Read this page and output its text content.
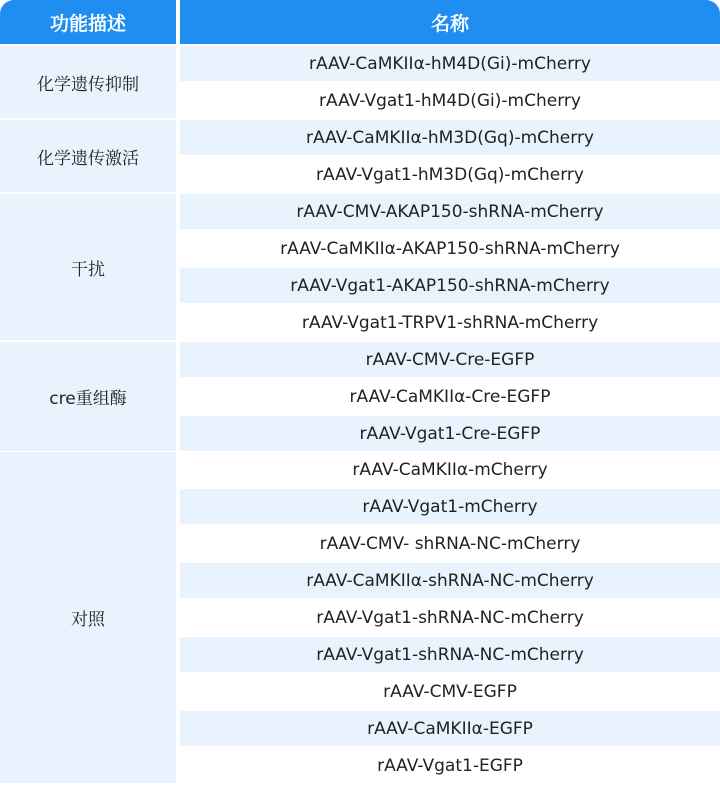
功能描述	名称
化学遗传抑制
rAAV-CaMKIIα-hM4D(Gi)-mCherry
rAAV-Vgat1-hM4D(Gi)-mCherry
化学遗传激活
rAAV-CaMKIIα-hM3D(Gq)-mCherry
rAAV-Vgat1-hM3D(Gq)-mCherry
干扰
rAAV-CMV-AKAP150-shRNA-mCherry
rAAV-CaMKIIα-AKAP150-shRNA-mCherry
rAAV-Vgat1-AKAP150-shRNA-mCherry
rAAV-Vgat1-TRPV1-shRNA-mCherry
cre重组酶
rAAV-CMV-Cre-EGFP
rAAV-CaMKIIα-Cre-EGFP
rAAV-Vgat1-Cre-EGFP
对照
rAAV-CaMKIIα-mCherry
rAAV-Vgat1-mCherry
rAAV-CMV- shRNA-NC-mCherry
rAAV-CaMKIIα-shRNA-NC-mCherry
rAAV-Vgat1-shRNA-NC-mCherry
rAAV-Vgat1-shRNA-NC-mCherry
rAAV-CMV-EGFP
rAAV-CaMKIIα-EGFP
rAAV-Vgat1-EGFP
